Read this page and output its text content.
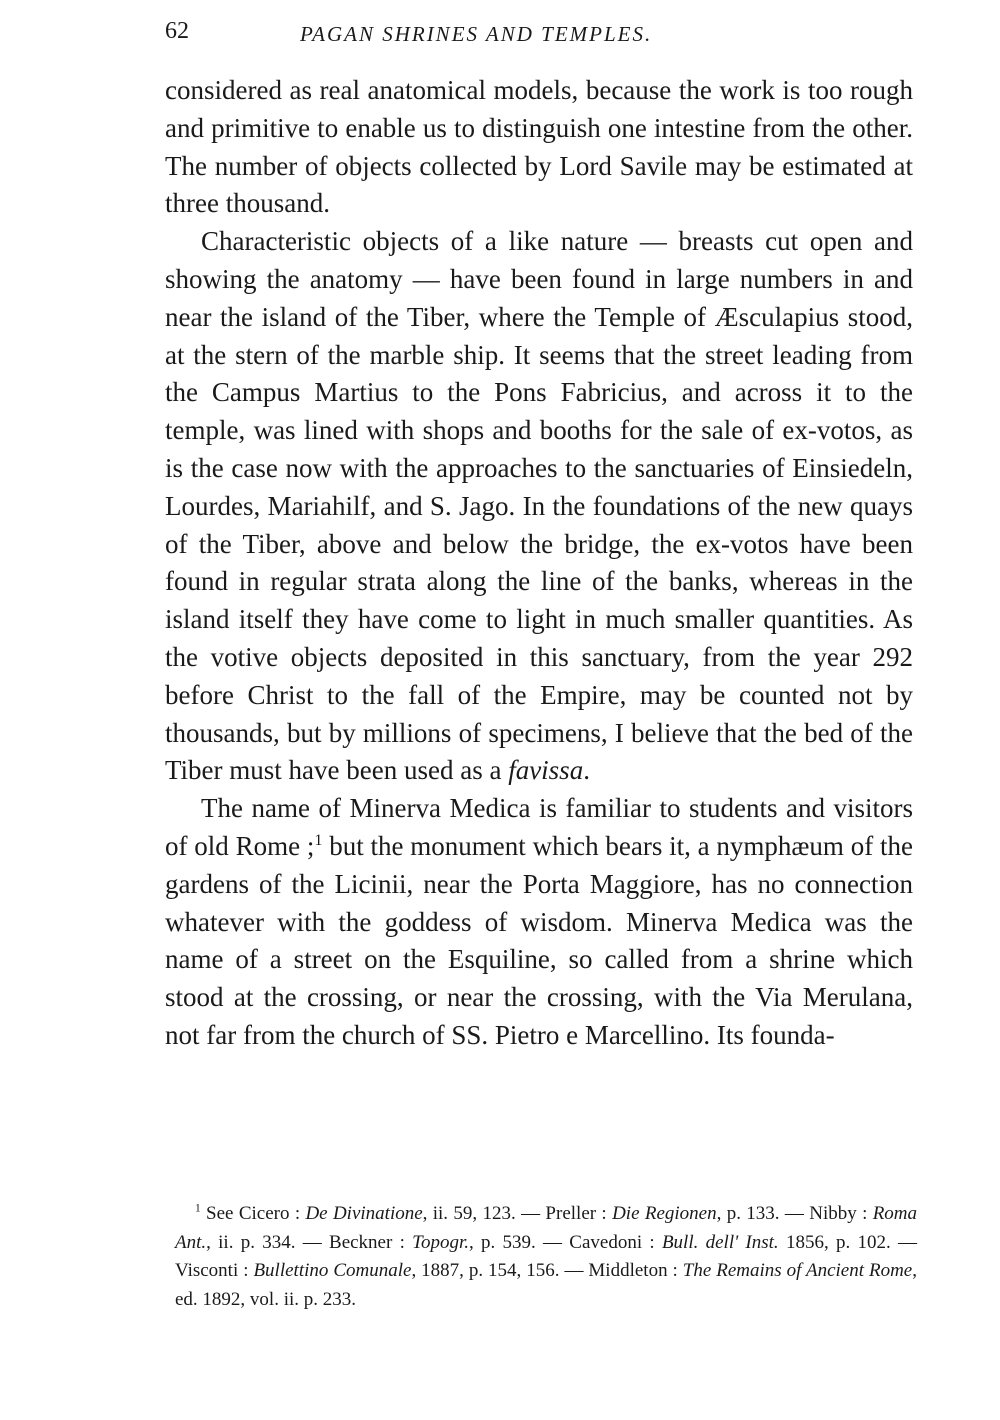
62	PAGAN SHRINES AND TEMPLES.

considered as real anatomical models, because the work is too rough and primitive to enable us to distinguish one intestine from the other. The number of objects collected by Lord Savile may be estimated at three thousand.

Characteristic objects of a like nature — breasts cut open and showing the anatomy — have been found in large numbers in and near the island of the Tiber, where the Temple of Æsculapius stood, at the stern of the marble ship. It seems that the street leading from the Campus Martius to the Pons Fabricius, and across it to the temple, was lined with shops and booths for the sale of ex-votos, as is the case now with the approaches to the sanctuaries of Einsiedeln, Lourdes, Mariahilf, and S. Jago. In the foundations of the new quays of the Tiber, above and below the bridge, the ex-votos have been found in regular strata along the line of the banks, whereas in the island itself they have come to light in much smaller quantities. As the votive objects deposited in this sanctuary, from the year 292 before Christ to the fall of the Empire, may be counted not by thousands, but by millions of specimens, I believe that the bed of the Tiber must have been used as a favissa.

The name of Minerva Medica is familiar to students and visitors of old Rome ;$^1$ but the monument which bears it, a nymphæum of the gardens of the Licinii, near the Porta Maggiore, has no connection whatever with the goddess of wisdom. Minerva Medica was the name of a street on the Esquiline, so called from a shrine which stood at the crossing, or near the crossing, with the Via Merulana, not far from the church of SS. Pietro e Marcellino. Its founda-

$^1$ See Cicero : De Divinatione, ii. 59, 123. — Preller : Die Regionen, p. 133. — Nibby : Roma Ant., ii. p. 334. — Beckner : Topogr., p. 539. — Cavedoni : Bull. dell' Inst. 1856, p. 102. — Visconti : Bullettino Comunale, 1887, p. 154, 156. — Middleton : The Remains of Ancient Rome, ed. 1892, vol. ii. p. 233.
